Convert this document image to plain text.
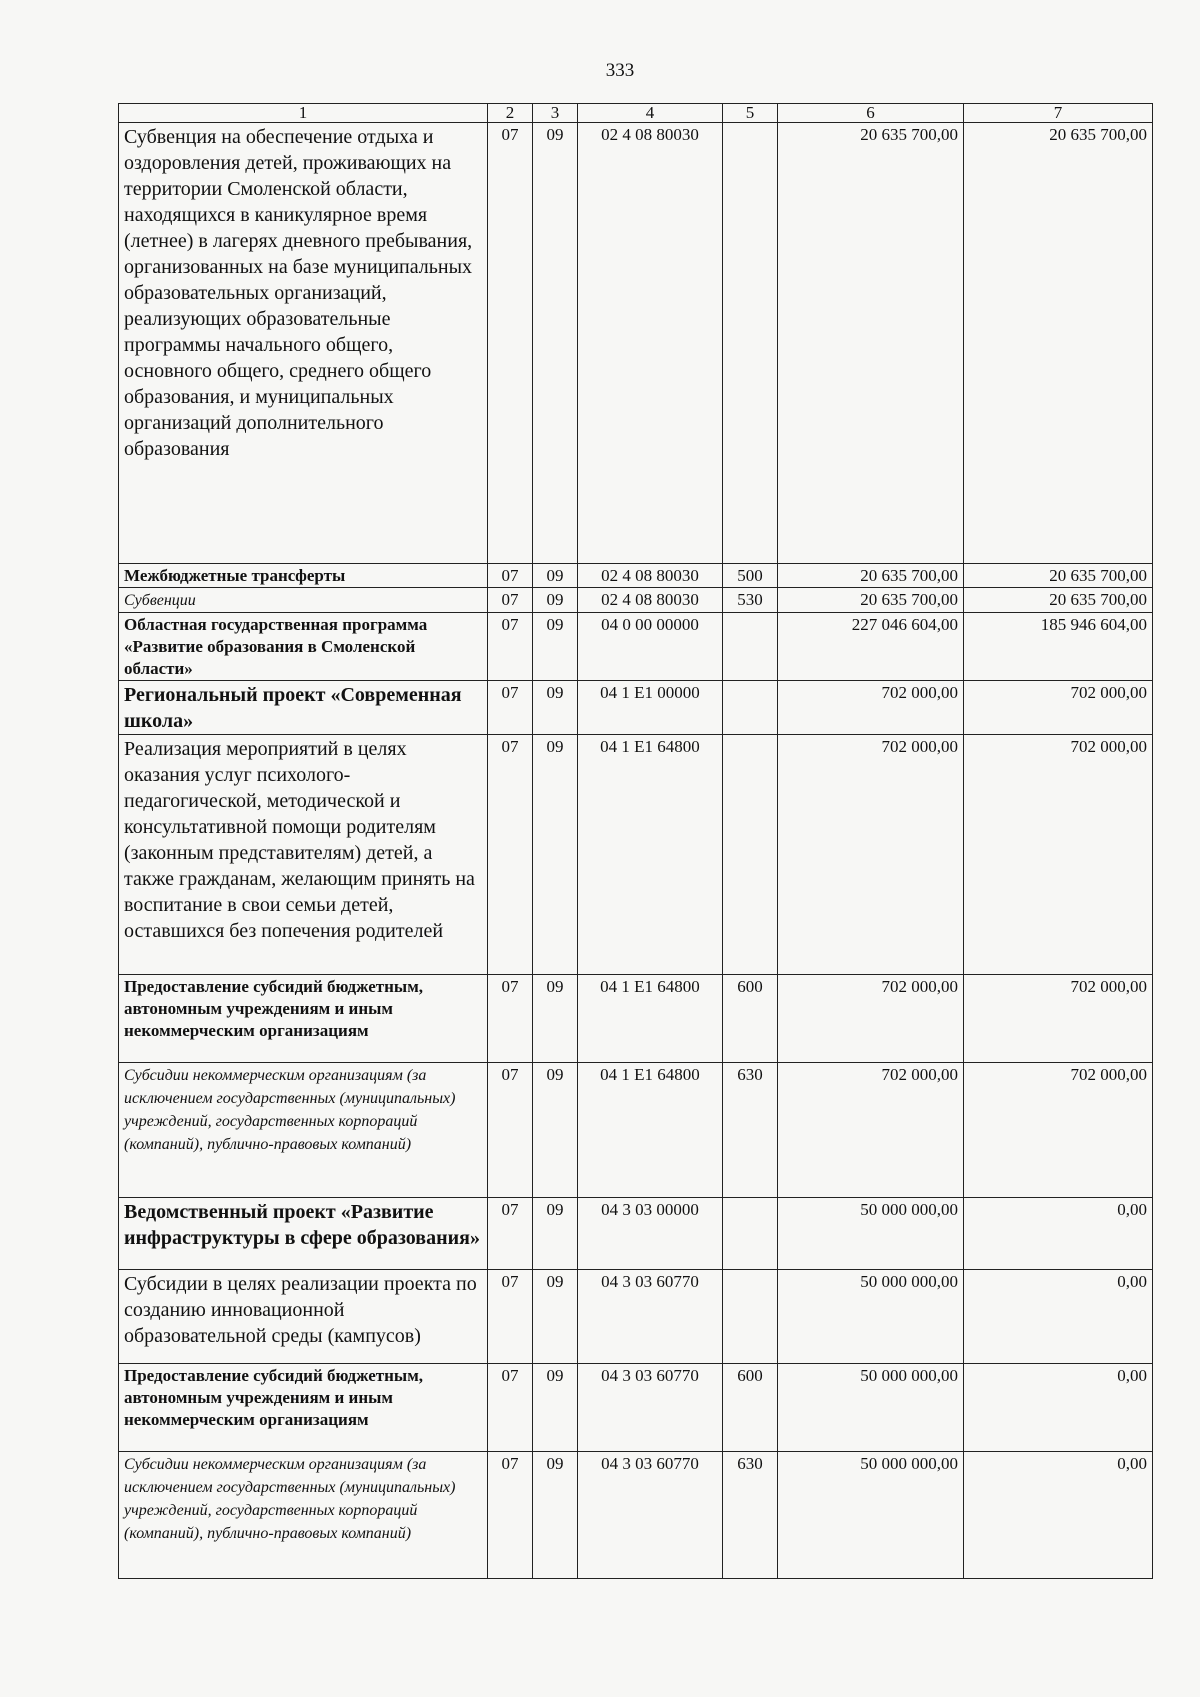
333
1	2	3	4	5	6	7
Субвенция на обеспечение отдыха и оздоровления детей, проживающих на территории Смоленской области, находящихся в каникулярное время (летнее) в лагерях дневного пребывания, организованных на базе муниципальных образовательных организаций, реализующих образовательные программы начального общего, основного общего, среднего общего образования, и муниципальных организаций дополнительного образования	07	09	02 4 08 80030		20 635 700,00	20 635 700,00
Межбюджетные трансферты	07	09	02 4 08 80030	500	20 635 700,00	20 635 700,00
Субвенции	07	09	02 4 08 80030	530	20 635 700,00	20 635 700,00
Областная государственная программа «Развитие образования в Смоленской области»	07	09	04 0 00 00000		227 046 604,00	185 946 604,00
Региональный проект «Современная школа»	07	09	04 1 Е1 00000		702 000,00	702 000,00
Реализация мероприятий в целях оказания услуг психолого-педагогической, методической и консультативной помощи родителям (законным представителям) детей, а также гражданам, желающим принять на воспитание в свои семьи детей, оставшихся без попечения родителей	07	09	04 1 Е1 64800		702 000,00	702 000,00
Предоставление субсидий бюджетным, автономным учреждениям и иным некоммерческим организациям	07	09	04 1 Е1 64800	600	702 000,00	702 000,00
Субсидии некоммерческим организациям (за исключением государственных (муниципальных) учреждений, государственных корпораций (компаний), публично-правовых компаний)	07	09	04 1 Е1 64800	630	702 000,00	702 000,00
Ведомственный проект «Развитие инфраструктуры в сфере образования»	07	09	04 3 03 00000		50 000 000,00	0,00
Субсидии в целях реализации проекта по созданию инновационной образовательной среды (кампусов)	07	09	04 3 03 60770		50 000 000,00	0,00
Предоставление субсидий бюджетным, автономным учреждениям и иным некоммерческим организациям	07	09	04 3 03 60770	600	50 000 000,00	0,00
Субсидии некоммерческим организациям (за исключением государственных (муниципальных) учреждений, государственных корпораций (компаний), публично-правовых компаний)	07	09	04 3 03 60770	630	50 000 000,00	0,00
